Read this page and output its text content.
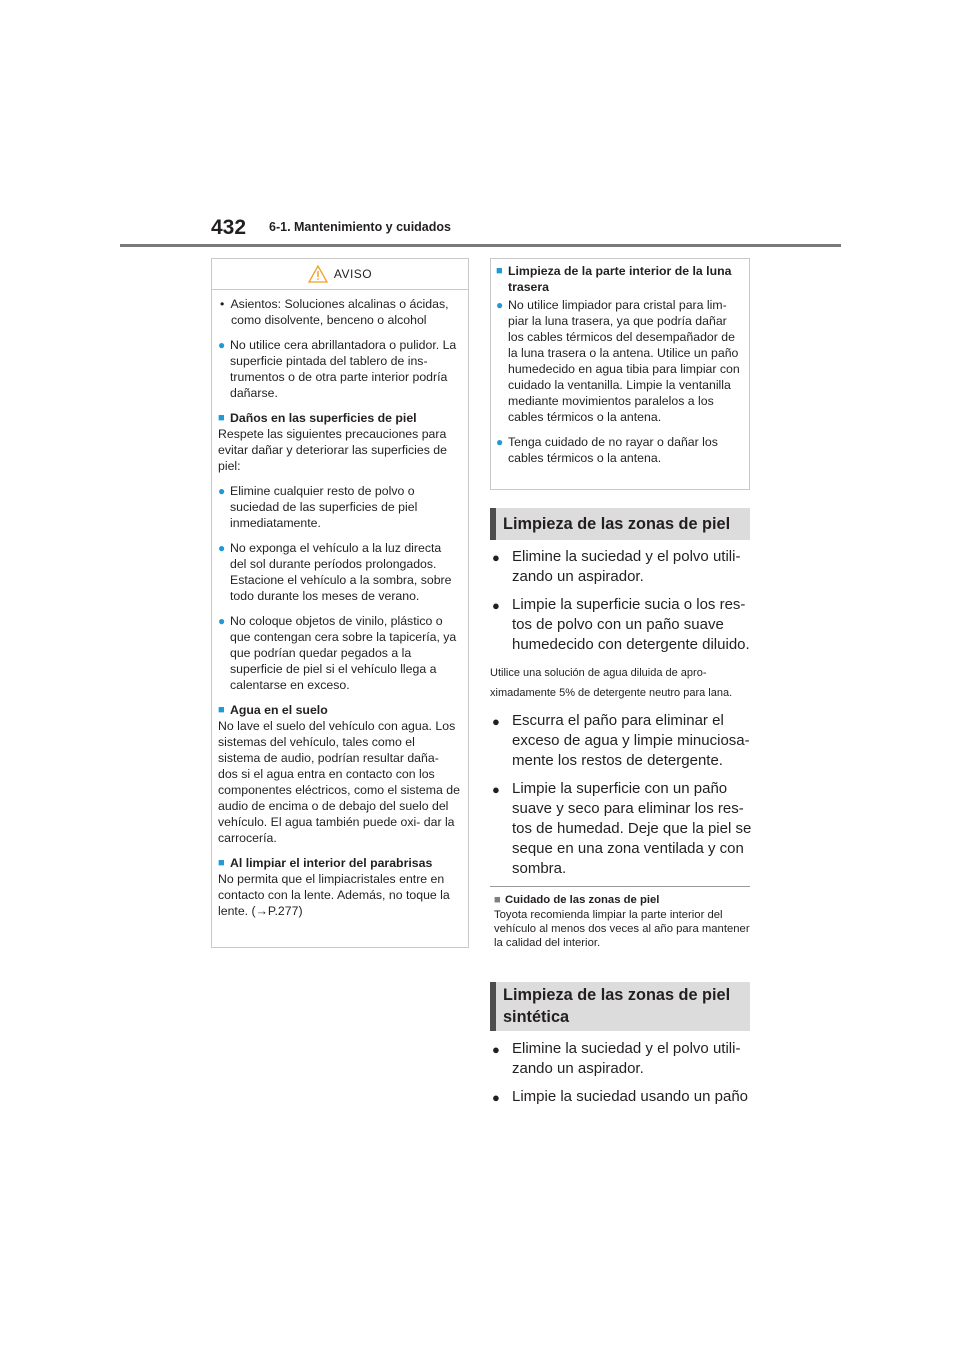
432 6-1. Mantenimiento y cuidados
AVISO
•  Asientos: Soluciones alcalinas o ácidas, como disolvente, benceno o alcohol
● No utilice cera abrillantadora o pulidor. La superficie pintada del tablero de ins- trumentos o de otra parte interior podría dañarse.
■ Daños en las superficies de piel
Respete las siguientes precauciones para evitar dañar y deteriorar las superficies de piel:
● Elimine cualquier resto de polvo o suciedad de las superficies de piel inmediatamente.
● No exponga el vehículo a la luz directa del sol durante períodos prolongados. Estacione el vehículo a la sombra, sobre todo durante los meses de verano.
● No coloque objetos de vinilo, plástico o que contengan cera sobre la tapicería, ya que podrían quedar pegados a la superficie de piel si el vehículo llega a calentarse en exceso.
■ Agua en el suelo
No lave el suelo del vehículo con agua. Los sistemas del vehículo, tales como el sistema de audio, podrían resultar daña- dos si el agua entra en contacto con los componentes eléctricos, como el sistema de audio de encima o de debajo del suelo del vehículo. El agua también puede oxi- dar la carrocería.
■ Al limpiar el interior del parabrisas
No permita que el limpiacristales entre en contacto con la lente. Además, no toque la lente. (→P.277)
■ Limpieza de la parte interior de la luna trasera
● No utilice limpiador para cristal para lim- piar la luna trasera, ya que podría dañar los cables térmicos del desempañador de la luna trasera o la antena. Utilice un paño humedecido en agua tibia para limpiar con cuidado la ventanilla. Limpie la ventanilla mediante movimientos paralelos a los cables térmicos o la antena.
● Tenga cuidado de no rayar o dañar los cables térmicos o la antena.
Limpieza de las zonas de piel
● Elimine la suciedad y el polvo utili- zando un aspirador.
● Limpie la superficie sucia o los res- tos de polvo con un paño suave humedecido con detergente diluido.
Utilice una solución de agua diluida de apro- ximadamente 5% de detergente neutro para lana.
● Escurra el paño para eliminar el exceso de agua y limpie minuciosa- mente los restos de detergente.
● Limpie la superficie con un paño suave y seco para eliminar los res- tos de humedad. Deje que la piel se seque en una zona ventilada y con sombra.
■ Cuidado de las zonas de piel
Toyota recomienda limpiar la parte interior del vehículo al menos dos veces al año para mantener la calidad del interior.
Limpieza de las zonas de piel sintética
● Elimine la suciedad y el polvo utili- zando un aspirador.
● Limpie la suciedad usando un paño
